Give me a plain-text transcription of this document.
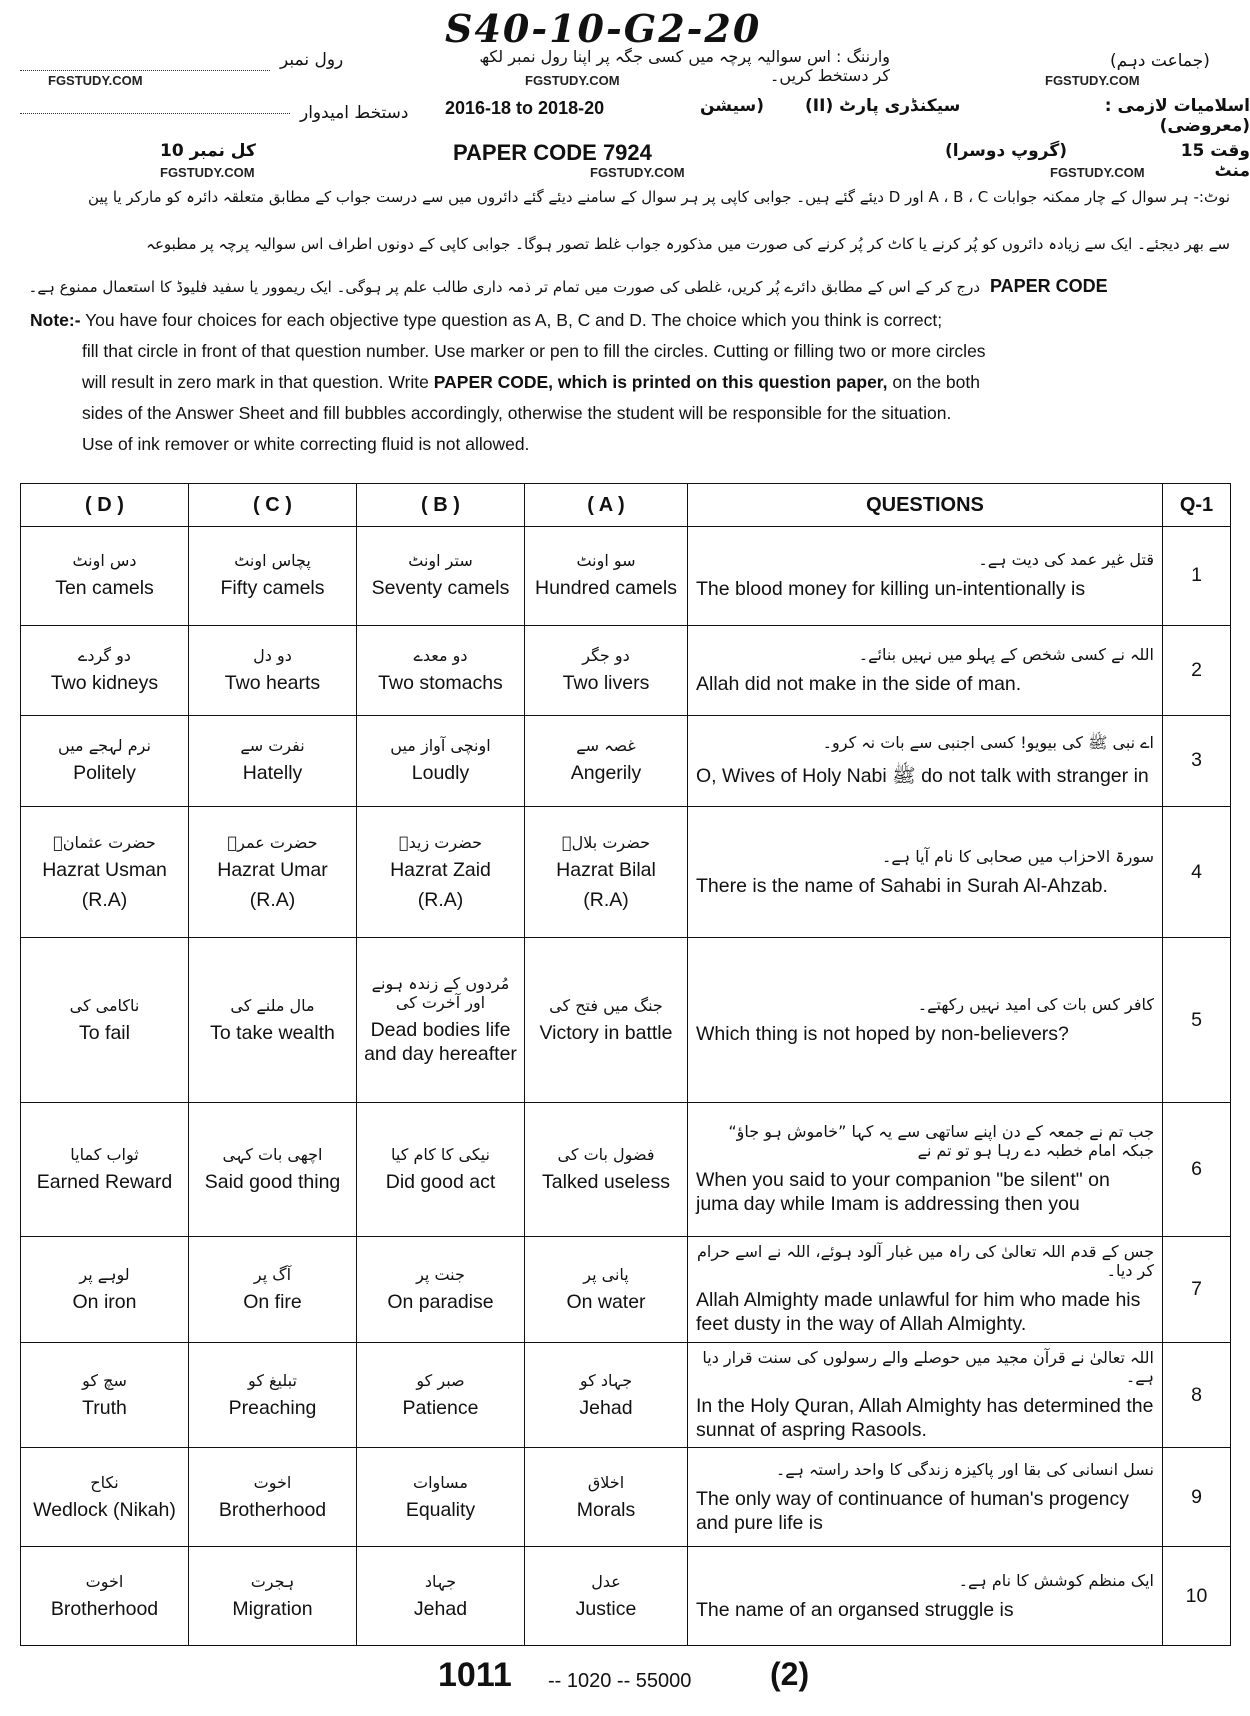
S40-10-G2-20
رول نمبر
FGSTUDY.COM
دستخط امیدوار
وارننگ : اس سوالیہ پرچہ میں کسی جگہ پر اپنا رول نمبر لکھ کر دستخط کریں۔
FGSTUDY.COM
(جماعت دہم)
FGSTUDY.COM
2016-18 to 2018-20	(سیشن سیکنڈری پارٹ (II)	اسلامیات لازمی : (معروضی)
کل نمبر 10
FGSTUDY.COM
PAPER CODE 7924
FGSTUDY.COM
(گروپ دوسرا)	وقت 15 منٹ
FGSTUDY.COM
نوٹ:- ہر سوال کے چار ممکنہ جوابات A ، B ، C اور D دیئے گئے ہیں۔ جوابی کاپی پر ہر سوال کے سامنے دیئے گئے دائروں میں سے درست جواب کے مطابق متعلقہ دائرہ کو مارکر یا پین
سے بھر دیجئے۔ ایک سے زیادہ دائروں کو پُر کرنے یا کاٹ کر پُر کرنے کی صورت میں مذکورہ جواب غلط تصور ہوگا۔ جوابی کاپی کے دونوں اطراف اس سوالیہ پرچہ پر مطبوعہ
درج کر کے اس کے مطابق دائرے پُر کریں، غلطی کی صورت میں تمام تر ذمہ داری طالب علم پر ہوگی۔ ایک ریموور یا سفید فلیوڈ کا استعمال ممنوع ہے۔ PAPER CODE
Note:- You have four choices for each objective type question as A, B, C and D. The choice which you think is correct;
fill that circle in front of that question number. Use marker or pen to fill the circles. Cutting or filling two or more circles
will result in zero mark in that question. Write PAPER CODE, which is printed on this question paper, on the both
sides of the Answer Sheet and fill bubbles accordingly, otherwise the student will be responsible for the situation.
Use of ink remover or white correcting fluid is not allowed.
( D )	( C )	( B )	( A )	QUESTIONS	Q-1

دس اونٹ
Ten camels	پچاس اونٹ
Fifty camels	ستر اونٹ
Seventy camels	سو اونٹ
Hundred camels	قتل غیر عمد کی دیت ہے۔
The blood money for killing un-intentionally is	1

دو گردے
Two kidneys	دو دل
Two hearts	دو معدے
Two stomachs	دو جگر
Two livers	اللہ نے کسی شخص کے پہلو میں نہیں بنائے۔
Allah did not make in the side of man.	2

نرم لہجے میں
Politely	نفرت سے
Hatelly	اونچی آواز میں
Loudly	غصہ سے
Angerily	اے نبی ﷺ کی بیویو! کسی اجنبی سے بات نہ کرو۔
O, Wives of Holy Nabi ﷺ do not talk with stranger in	3

حضرت عثمانؓ
Hazrat Usman
(R.A)	حضرت عمرؓ
Hazrat Umar
(R.A)	حضرت زیدؓ
Hazrat Zaid
(R.A)	حضرت بلالؓ
Hazrat Bilal
(R.A)	سورۃ الاحزاب میں صحابی کا نام آیا ہے۔
There is the name of Sahabi in Surah Al-Ahzab.	4

ناکامی کی
To fail	مال ملنے کی
To take wealth	مُردوں کے زندہ ہونے اور آخرت کی
Dead bodies life and day hereafter	جنگ میں فتح کی
Victory in battle	کافر کس بات کی امید نہیں رکھتے۔
Which thing is not hoped by non-believers?	5

ثواب کمایا
Earned Reward	اچھی بات کہی
Said good thing	نیکی کا کام کیا
Did good act	فضول بات کی
Talked useless	جب تم نے جمعہ کے دن اپنے ساتھی سے یہ کہا ”خاموش ہو جاؤ“ جبکہ امام خطبہ دے رہا ہو تو تم نے
When you said to your companion "be silent" on juma day while Imam is addressing then you	6

لوہے پر
On iron	آگ پر
On fire	جنت پر
On paradise	پانی پر
On water	جس کے قدم اللہ تعالیٰ کی راہ میں غبار آلود ہوئے، اللہ نے اسے حرام کر دیا۔
Allah Almighty made unlawful for him who made his feet dusty in the way of Allah Almighty.	7

سچ کو
Truth	تبلیغ کو
Preaching	صبر کو
Patience	جہاد کو
Jehad	اللہ تعالیٰ نے قرآن مجید میں حوصلے والے رسولوں کی سنت قرار دیا ہے۔
In the Holy Quran, Allah Almighty has determined the sunnat of aspring Rasools.	8

نکاح
Wedlock (Nikah)	اخوت
Brotherhood	مساوات
Equality	اخلاق
Morals	نسل انسانی کی بقا اور پاکیزہ زندگی کا واحد راستہ ہے۔
The only way of continuance of human's progency and pure life is	9

اخوت
Brotherhood	ہجرت
Migration	جہاد
Jehad	عدل
Justice	ایک منظم کوشش کا نام ہے۔
The name of an organsed struggle is	10
1011 -- 1020 -- 55000 (2)
